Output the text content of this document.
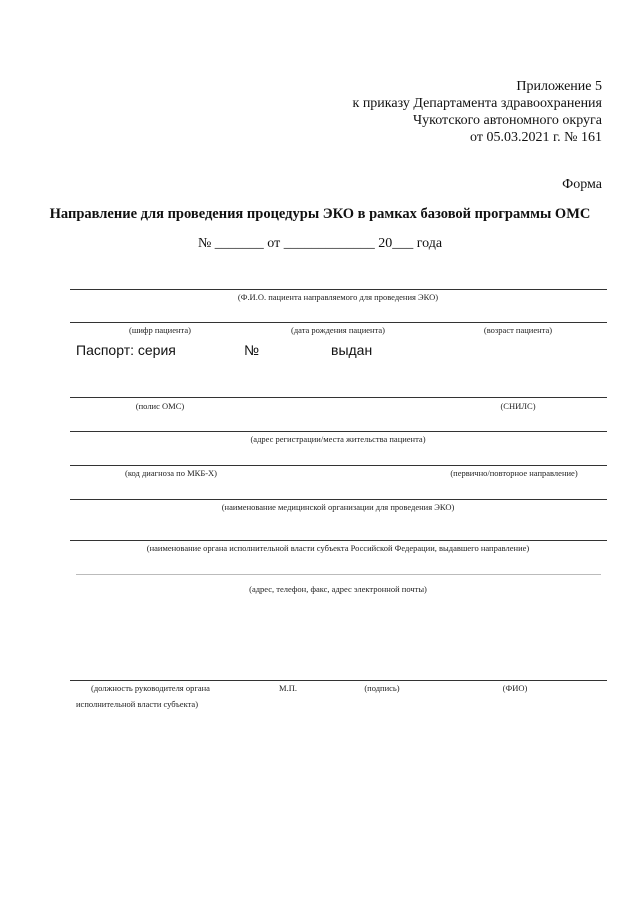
Приложение 5
к приказу Департамента здравоохранения
Чукотского автономного округа
от 05.03.2021 г. № 161
Форма
Направление для проведения процедуры ЭКО в рамках базовой программы ОМС
№ _______ от _____________ 20___ года
(Ф.И.О. пациента направляемого для проведения ЭКО)
(шифр пациента)	(дата рождения пациента)	(возраст пациента)
Паспорт: серия	№	выдан
(полис ОМС)	(СНИЛС)
(адрес регистрации/места жительства пациента)
(код диагноза по МКБ-Х)	(первично/повторное направление)
(наименование медицинской организации для проведения ЭКО)
(наименование органа исполнительной власти субъекта Российской Федерации, выдавшего направление)
(адрес, телефон, факс, адрес электронной почты)
(должность руководителя органа
исполнительной власти субъекта)
М.П.	(подпись)	(ФИО)
